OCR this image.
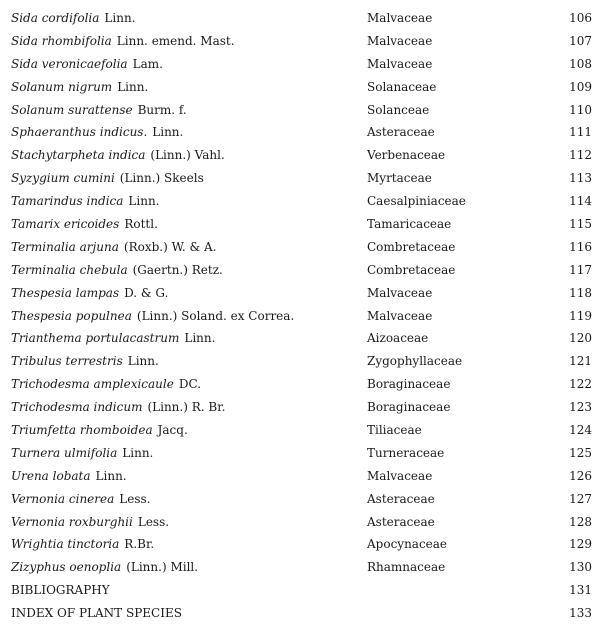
Sida cordifolia Linn.	Malvaceae	106
Sida rhombifolia Linn. emend. Mast.	Malvaceae	107
Sida veronicaefolia Lam.	Malvaceae	108
Solanum nigrum Linn.	Solanaceae	109
Solanum surattense Burm. f.	Solanceae	110
Sphaeranthus indicus. Linn.	Asteraceae	111
Stachytarpheta indica (Linn.) Vahl.	Verbenaceae	112
Syzygium cumini (Linn.) Skeels	Myrtaceae	113
Tamarindus indica Linn.	Caesalpiniaceae	114
Tamarix ericoides Rottl.	Tamaricaceae	115
Terminalia arjuna (Roxb.) W. & A.	Combretaceae	116
Terminalia chebula (Gaertn.) Retz.	Combretaceae	117
Thespesia lampas D. & G.	Malvaceae	118
Thespesia populnea (Linn.) Soland. ex Correa.	Malvaceae	119
Trianthema portulacastrum Linn.	Aizoaceae	120
Tribulus terrestris Linn.	Zygophyllaceae	121
Trichodesma amplexicaule DC.	Boraginaceae	122
Trichodesma indicum (Linn.) R. Br.	Boraginaceae	123
Triumfetta rhomboidea Jacq.	Tiliaceae	124
Turnera ulmifolia Linn.	Turneraceae	125
Urena lobata Linn.	Malvaceae	126
Vernonia cinerea Less.	Asteraceae	127
Vernonia roxburghii Less.	Asteraceae	128
Wrightia tinctoria R.Br.	Apocynaceae	129
Zizyphus oenoplia (Linn.) Mill.	Rhamnaceae	130
BIBLIOGRAPHY	131
INDEX OF PLANT SPECIES	133
